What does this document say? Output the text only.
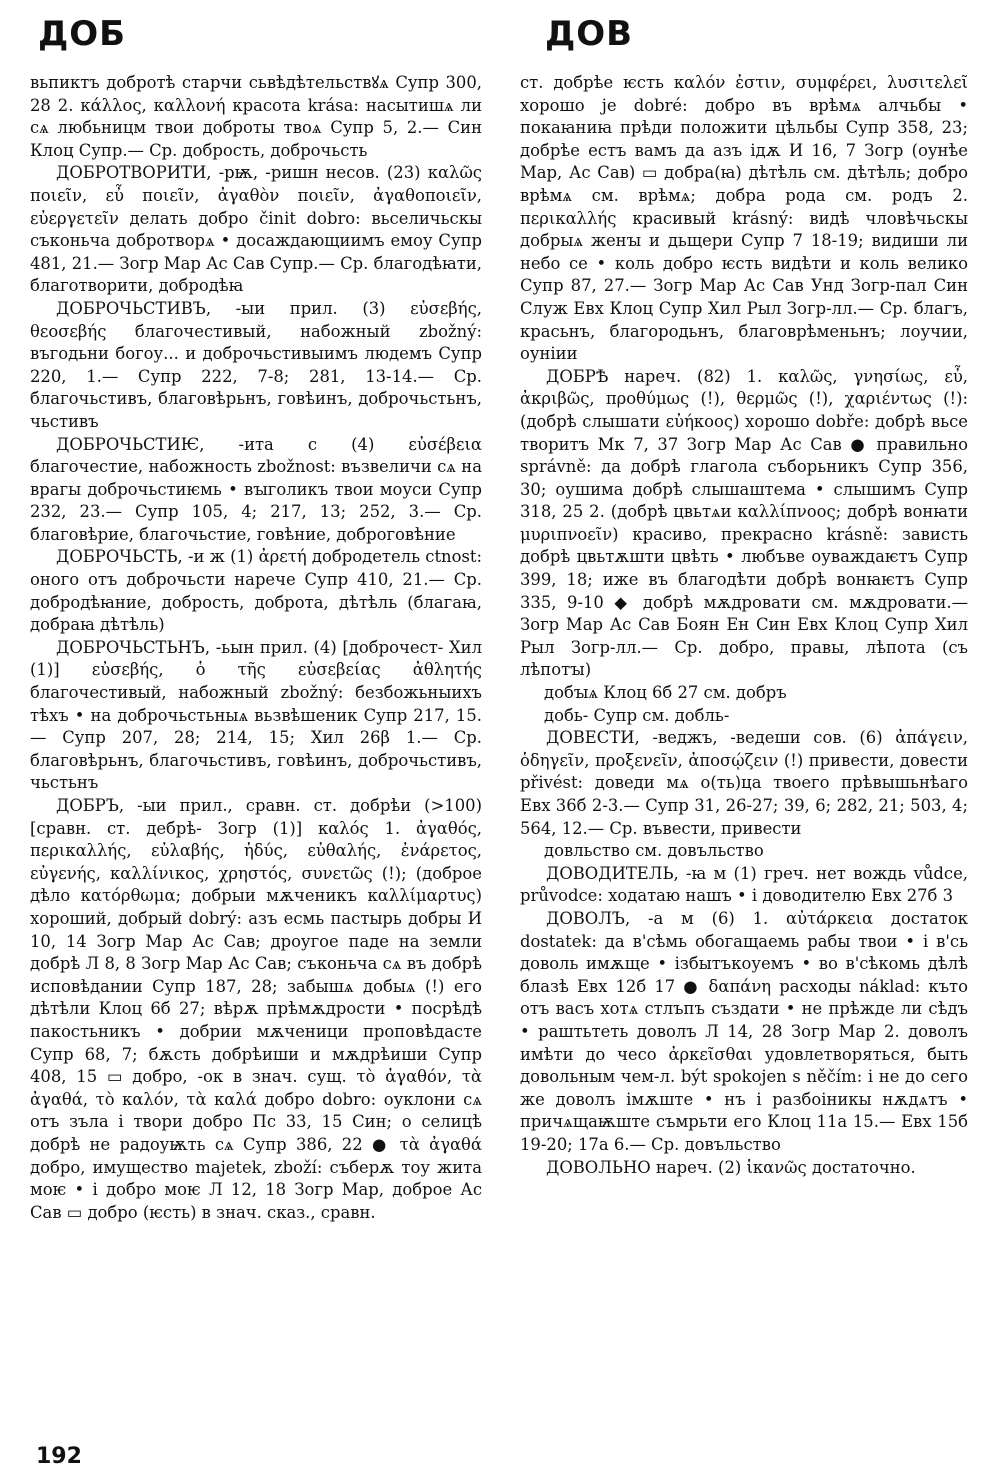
ДОБ	ДОВ

вьпиктъ добротѣ старчи сьвѣдѣтельствꙋѧ Супр 300, 28 2. κάλλος, καλλονή красота krása: насытишѧ ли сѧ любьницм твои доброты твоѧ Супр 5, 2.— Син Клоц Супр.— Ср. добрость, доброчьсть

ДОБРОТВОРИТИ, -рѭ, -ришн несов. (23) καλῶς ποιεῖν, εὖ ποιεῖν, ἀγαθὸν ποιεῖν, ἀγαθοποιεῖν, εὐεργετεῖν делать добро činit dobro: вьселичьскы съконьча добротворѧ • досаждающиимъ емоу Супр 481, 21.— Зогр Мар Ас Сав Супр.— Ср. благодѣꙗти, благотворити, добродѣꙗ

ДОБРОЧЬСТИВЪ, -ыи прил. (3) εὐσεβής, θεοσεβής благочестивый, набожный zbožný: въгодьни богоу... и доброчьстивыимъ людемъ Супр 220, 1.— Супр 222, 7-8; 281, 13-14.— Ср. благочьстивъ, благовѣрьнъ, говѣинъ, доброчьстьнъ, чьстивъ

ДОБРОЧЬСТИѤ, -ита с (4) εὐσέβεια благочестие, набожность zbožnost: възвеличи сѧ на врагы доброчьстиѥмь • вꙑголикъ твои моуси Супр 232, 23.— Супр 105, 4; 217, 13; 252, 3.— Ср. благовѣрие, благочьстие, говѣние, доброговѣние

ДОБРОЧЬСТЬ, -и ж (1) ἀρετή добродетель ctnost: оного отъ доброчьсти нарече Супр 410, 21.— Ср. добродѣꙗние, добрость, доброта, дѣтѣль (благаꙗ, добраꙗ дѣтѣль)

ДОБРОЧЬСТЬНЪ, -ьын прил. (4) [доброчест- Хил (1)] εὐσεβής, ὁ τῆς εὐσεβείας ἀθλητής благочестивый, набожный zbožný: безбожьныихъ тѣхъ • на доброчьстьныѧ вьзвѣшеник Супр 217, 15.— Супр 207, 28; 214, 15; Хил 26β 1.— Ср. благовѣрьнъ, благочьстивъ, говѣинъ, доброчьстивъ, чьстьнъ

ДОБРЪ, -ыи прил., сравн. ст. добрѣи (>100) [сравн. ст. дебрѣ- Зогр (1)] καλός 1. ἀγαθός, περικαλλής, εὐλαβής, ἡδύς, εὐθαλής, ἐνάρετος, εὐγενής, καλλίνικος, χρηστός, συνετῶς (!); (доброе дѣло κατόρθωμα; добрыи мѫченикъ καλλίμαρτυς) хороший, добрый dobrý: азъ есмь пастырь добры И 10, 14 Зогр Мар Ас Сав; дроугое паде на земли добрѣ Л 8, 8 Зогр Мар Ас Сав; съконьча сѧ въ добрѣ исповѣдании Супр 187, 28; забышѧ добыѧ (!) его дѣтѣли Клоц 6б 27; вѣрѫ прѣмѫдрости • посрѣдѣ пакостьникъ • добрии мѫченици проповѣдасте Супр 68, 7; бѫсть добрѣиши и мѫдрѣиши Супр 408, 15 ▭ добро, -ок в знач. сущ. τὸ ἀγαθόν, τὰ ἀγαθά, τὸ καλόν, τὰ καλά добро dobro: оуклони сѧ отъ зъла і твори добро Пс 33, 15 Син; о селицѣ добрѣ не радоуѭть сѧ Супр 386, 22 ● τὰ ἀγαθά добро, имущество majetek, zboží: съберѫ тоу жита моѥ • і добро моѥ Л 12, 18 Зогр Мар, доброе Ас Сав ▭ добро (ѥсть) в знач. сказ., сравн.

ст. добрѣе ѥсть καλόν ἐστιν, συμφέρει, λυσιτελεῖ хорошо je dobré: добро въ врѣмѧ алчьбы • покаꙗниꙗ прѣди положити цѣльбы Супр 358, 23; добрѣе естъ вамъ да азъ ідѫ И 16, 7 Зогр (оунѣе Мар, Ас Сав) ▭ добра(ꙗ) дѣтѣль см. дѣтѣль; добро врѣмѧ см. врѣмѧ; добра рода см. родъ 2. περικαλλής красивый krásný: видѣ чловѣчьскы добрыѧ женꙑ и дьщери Супр 7 18-19; видиши ли небо се • коль добро ѥсть видѣти и коль велико Супр 87, 27.— Зогр Мар Ас Сав Унд Зогр-пал Син Служ Евх Клоц Супр Хил Рыл Зогр-лл.— Ср. благъ, красьнъ, благородьнъ, благоврѣменьнъ; лоучии, оуніии

ДОБРѢ нареч. (82) 1. καλῶς, γνησίως, εὖ, ἀκριβῶς, προθύμως (!), θερμῶς (!), χαριέντως (!): (добрѣ слышати εὐήκοος) хорошо dobře: добрѣ вьсе творитъ Мк 7, 37 Зогр Мар Ас Сав ● правильно správně: да добрѣ глагола съборьникъ Супр 356, 30; оушима добрѣ слышаштема • слышимъ Супр 318, 25 2. (добрѣ цвьтѧи καλλίπνοος; добрѣ вонꙗти μυριπνοεῖν) красиво, прекрасно krásně: зависть добрѣ цвьтѫшти цвѣть • любъве оуваждаѥтъ Супр 399, 18; иже въ благодѣти добрѣ вонꙗѥтъ Супр 335, 9-10 ◆ добрѣ мѫдровати см. мѫдровати.— Зогр Мар Ас Сав Боян Ен Син Евх Клоц Супр Хил Рыл Зогр-лл.— Ср. добро, правы, лѣпота (съ лѣпотꙑ)

добꙑѧ Клоц 6б 27 см. добръ

добь- Супр см. добль-

ДОВЕСТИ, -веджъ, -ведеши сов. (6) ἀπάγειν, ὁδηγεῖν, προξενεῖν, ἀποσῴζειν (!) привести, довести přivést: доведи мѧ о(ть)ца твоего прѣвышьнѣаго Евх 36б 2-3.— Супр 31, 26-27; 39, 6; 282, 21; 503, 4; 564, 12.— Ср. въвести, привести

довльство см. довъльство

ДОВОДИТЕЛЬ, -ꙗ м (1) греч. нет вождь vůdce, průvodce: ходатаю нашъ • і доводителю Евх 27б 3

ДОВОЛЪ, -а м (6) 1. αὐτάρκεια достаток dostatek: да в'сѣмь обогащаемь рабы твои • і в'сь доволь имѫще • ізбытъкоуемъ • во в'сѣкомь дѣлѣ блазѣ Евх 12б 17 ● δαπάνη расходы náklad: къто отъ васъ хотѧ стлъпъ създати • не прѣжде ли сѣдъ • раштьтеть доволъ Л 14, 28 Зогр Мар 2. доволъ имѣти до чесо ἀρκεῖσθαι удовлетворяться, быть довольным чем-л. být spokojen s něčím: і не до сего же доволъ імѫште • нъ і разбоіникы нѫдѧтъ • причѧщаѭште съмрьти его Клоц 11а 15.— Евх 15б 19-20; 17а 6.— Ср. довъльство

ДОВОЛЬНО нареч. (2) ἱκανῶς достаточно.

192
